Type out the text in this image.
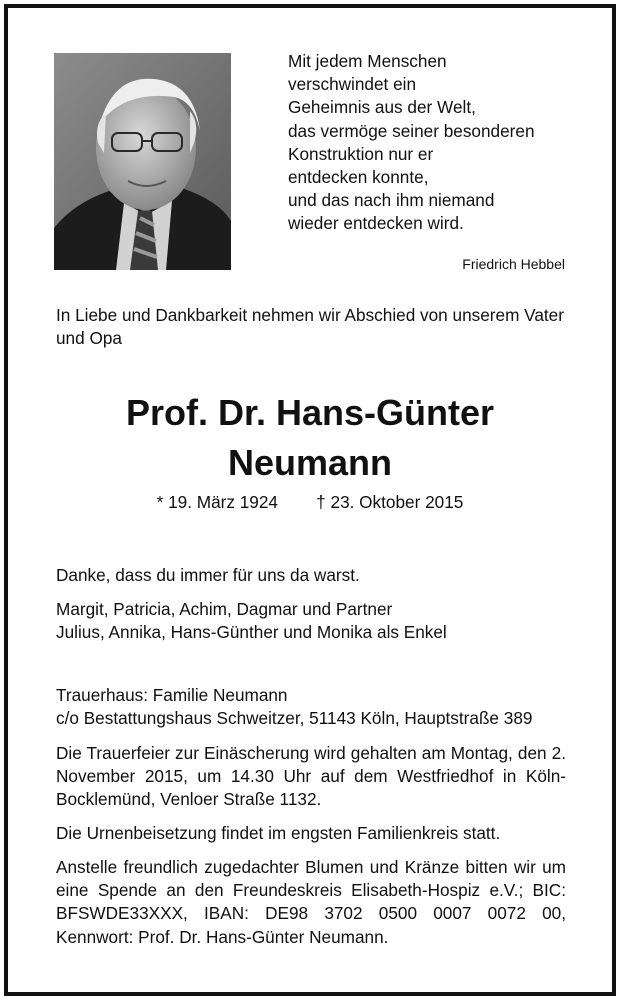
Mit jedem Menschen
verschwindet ein
Geheimnis aus der Welt,
das vermöge seiner besonderen
Konstruktion nur er
entdecken konnte,
und das nach ihm niemand
wieder entdecken wird.
Friedrich Hebbel
In Liebe und Dankbarkeit nehmen wir Abschied von unserem Vater und Opa
Prof. Dr. Hans-Günter
Neumann
* 19. März 1924        † 23. Oktober 2015
Danke, dass du immer für uns da warst.
Margit, Patricia, Achim, Dagmar und Partner
Julius, Annika, Hans-Günther und Monika als Enkel
Trauerhaus: Familie Neumann
c/o Bestattungshaus Schweitzer, 51143 Köln, Hauptstraße 389
Die Trauerfeier zur Einäscherung wird gehalten am Montag, den 2. November 2015, um 14.30 Uhr auf dem Westfriedhof in Köln-Bocklemünd, Venloer Straße 1132.
Die Urnenbeisetzung findet im engsten Familienkreis statt.
Anstelle freundlich zugedachter Blumen und Kränze bitten wir um eine Spende an den Freundeskreis Elisabeth-Hospiz e.V.; BIC: BFSWDE33XXX, IBAN: DE98 3702 0500 0007 0072 00, Kennwort: Prof. Dr. Hans-Günter Neumann.
